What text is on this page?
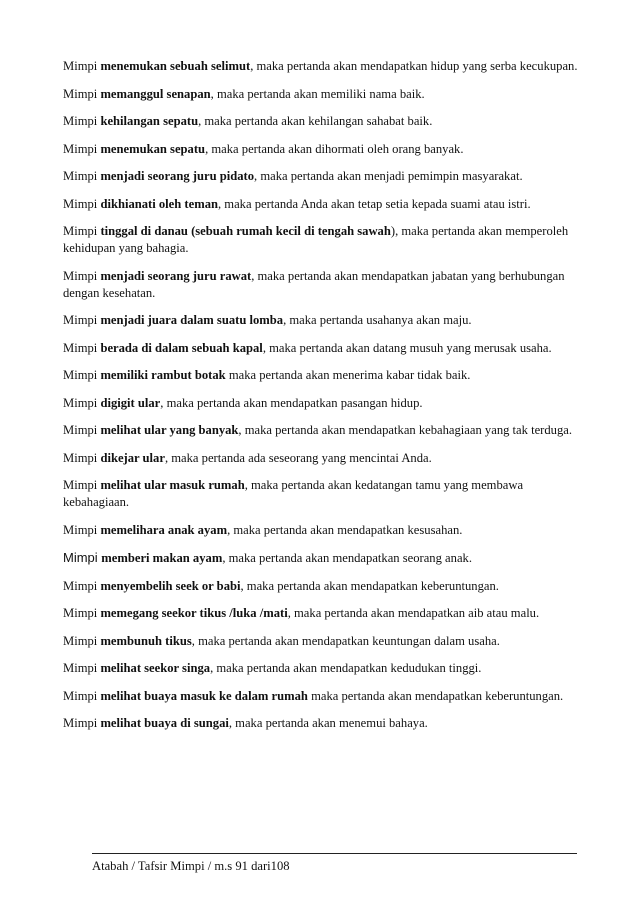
Mimpi menemukan sebuah selimut, maka pertanda akan mendapatkan hidup yang serba kecukupan.

Mimpi memanggul senapan, maka pertanda akan memiliki nama baik.

Mimpi kehilangan sepatu, maka pertanda akan kehilangan sahabat baik.

Mimpi menemukan sepatu, maka pertanda akan dihormati oleh orang banyak.

Mimpi menjadi seorang juru pidato, maka pertanda akan menjadi pemimpin masyarakat.

Mimpi dikhianati oleh teman, maka pertanda Anda akan tetap setia kepada suami atau istri.

Mimpi tinggal di danau (sebuah rumah kecil di tengah sawah), maka pertanda akan memperoleh kehidupan yang bahagia.

Mimpi menjadi seorang juru rawat, maka pertanda akan mendapatkan jabatan yang berhubungan dengan kesehatan.

Mimpi menjadi juara dalam suatu lomba, maka pertanda usahanya akan maju.

Mimpi berada di dalam sebuah kapal, maka pertanda akan datang musuh yang merusak usaha.

Mimpi memiliki rambut botak maka pertanda akan menerima kabar tidak baik.

Mimpi digigit ular, maka pertanda akan mendapatkan pasangan hidup.

Mimpi melihat ular yang banyak, maka pertanda akan mendapatkan kebahagiaan yang tak terduga.

Mimpi dikejar ular, maka pertanda ada seseorang yang mencintai Anda.

Mimpi melihat ular masuk rumah, maka pertanda akan kedatangan tamu yang membawa kebahagiaan.

Mimpi memelihara anak ayam, maka pertanda akan mendapatkan kesusahan.

Mimpi memberi makan ayam, maka pertanda akan mendapatkan seorang anak.

Mimpi menyembelih seek or babi, maka pertanda akan mendapatkan keberuntungan.

Mimpi memegang seekor tikus /luka /mati, maka pertanda akan mendapatkan aib atau malu.

Mimpi membunuh tikus, maka pertanda akan mendapatkan keuntungan dalam usaha.

Mimpi melihat seekor singa, maka pertanda akan mendapatkan kedudukan tinggi.

Mimpi melihat buaya masuk ke dalam rumah maka pertanda akan mendapatkan keberuntungan.

Mimpi melihat buaya di sungai, maka pertanda akan menemui bahaya.

Atabah / Tafsir Mimpi / m.s 91 dari108
